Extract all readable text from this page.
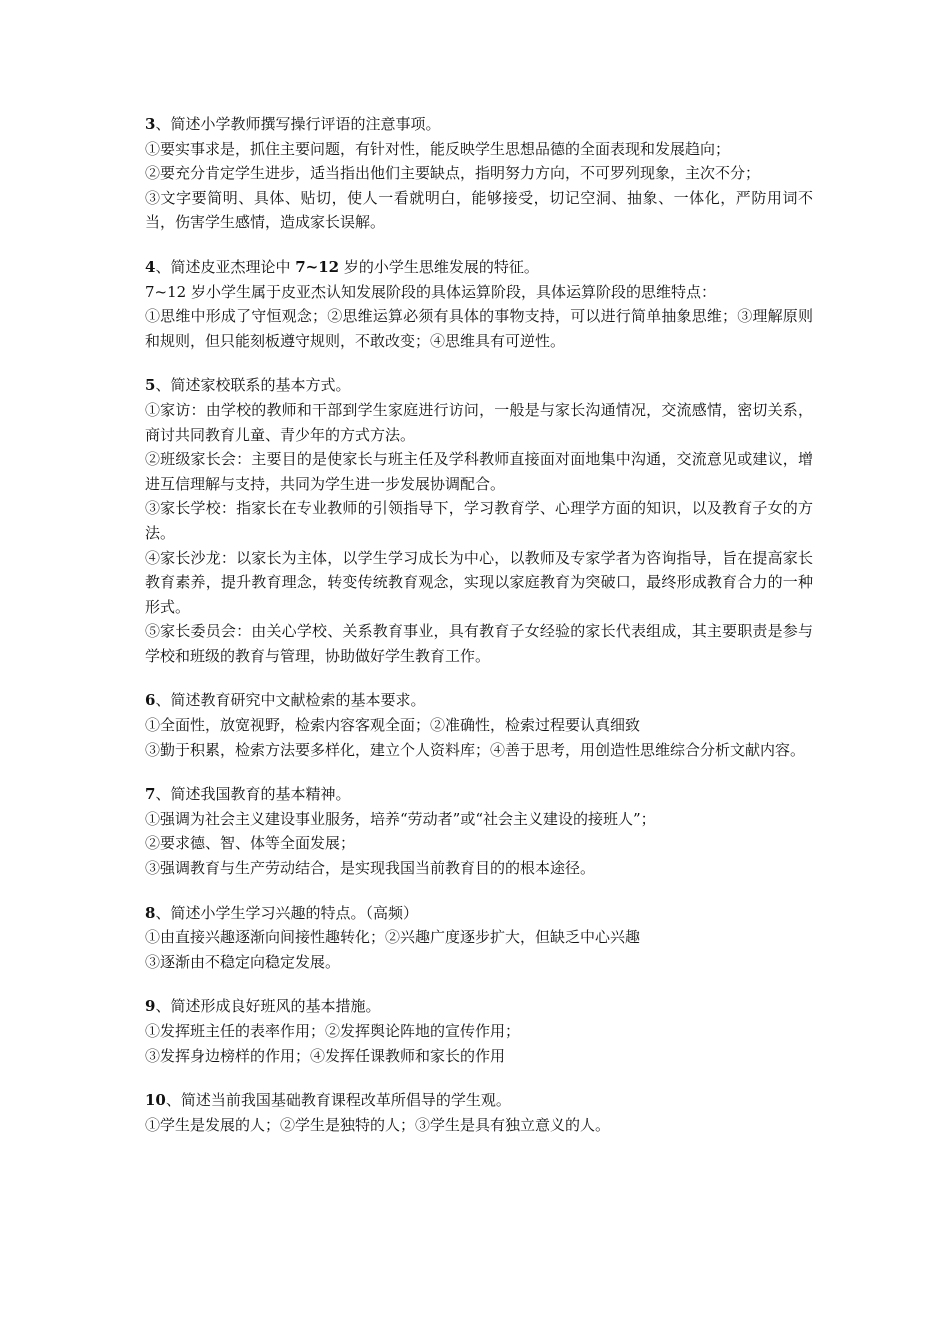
3、简述小学教师撰写操行评语的注意事项。
①要实事求是，抓住主要问题，有针对性，能反映学生思想品德的全面表现和发展趋向；
②要充分肯定学生进步，适当指出他们主要缺点，指明努力方向，不可罗列现象，主次不分；
③文字要简明、具体、贴切，使人一看就明白，能够接受，切记空洞、抽象、一体化，严防用词不当，伤害学生感情，造成家长误解。
4、简述皮亚杰理论中 7~12 岁的小学生思维发展的特征。
7~12 岁小学生属于皮亚杰认知发展阶段的具体运算阶段，具体运算阶段的思维特点：
①思维中形成了守恒观念；②思维运算必须有具体的事物支持，可以进行简单抽象思维；③理解原则和规则，但只能刻板遵守规则，不敢改变；④思维具有可逆性。
5、简述家校联系的基本方式。
①家访：由学校的教师和干部到学生家庭进行访问，一般是与家长沟通情况，交流感情，密切关系，商讨共同教育儿童、青少年的方式方法。
②班级家长会：主要目的是使家长与班主任及学科教师直接面对面地集中沟通，交流意见或建议，增进互信理解与支持，共同为学生进一步发展协调配合。
③家长学校：指家长在专业教师的引领指导下，学习教育学、心理学方面的知识，以及教育子女的方法。
④家长沙龙：以家长为主体，以学生学习成长为中心，以教师及专家学者为咨询指导，旨在提高家长教育素养，提升教育理念，转变传统教育观念，实现以家庭教育为突破口，最终形成教育合力的一种形式。
⑤家长委员会：由关心学校、关系教育事业，具有教育子女经验的家长代表组成，其主要职责是参与学校和班级的教育与管理，协助做好学生教育工作。
6、简述教育研究中文献检索的基本要求。
①全面性，放宽视野，检索内容客观全面；②准确性，检索过程要认真细致
③勤于积累，检索方法要多样化，建立个人资料库；④善于思考，用创造性思维综合分析文献内容。
7、简述我国教育的基本精神。
①强调为社会主义建设事业服务，培养“劳动者”或“社会主义建设的接班人”；
②要求德、智、体等全面发展；
③强调教育与生产劳动结合，是实现我国当前教育目的的根本途径。
8、简述小学生学习兴趣的特点。（高频）
①由直接兴趣逐渐向间接性趣转化；②兴趣广度逐步扩大，但缺乏中心兴趣
③逐渐由不稳定向稳定发展。
9、简述形成良好班风的基本措施。
①发挥班主任的表率作用；②发挥舆论阵地的宣传作用；
③发挥身边榜样的作用；④发挥任课教师和家长的作用
10、简述当前我国基础教育课程改革所倡导的学生观。
①学生是发展的人；②学生是独特的人；③学生是具有独立意义的人。
